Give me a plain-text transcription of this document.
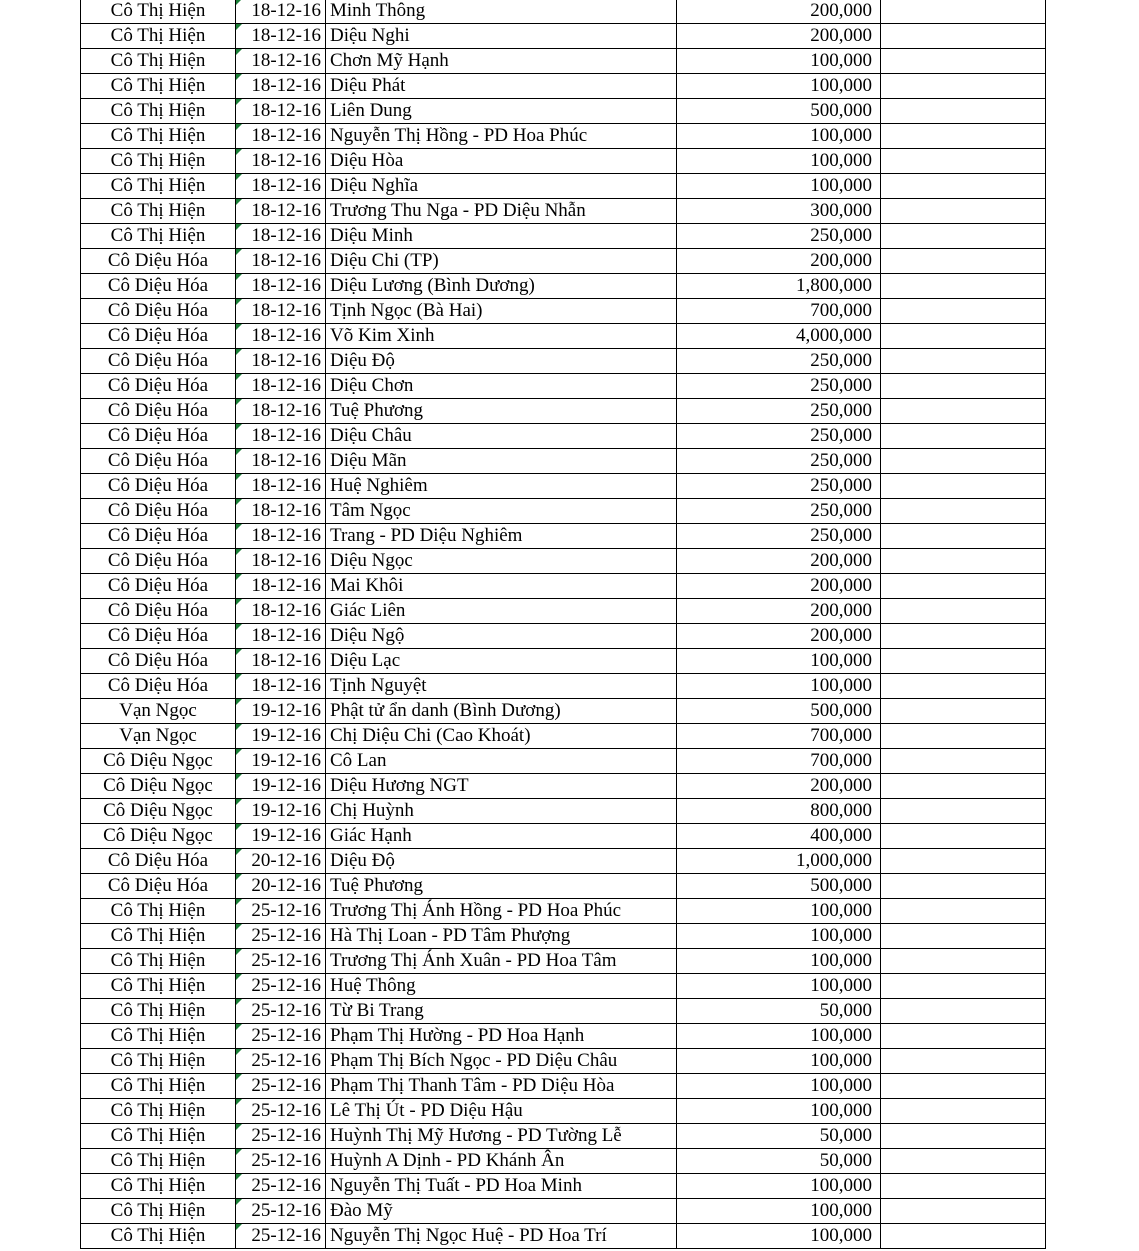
Cô Thị Hiện	18-12-16	Minh Thông	200,000	
Cô Thị Hiện	18-12-16	Diệu Nghi	200,000	
Cô Thị Hiện	18-12-16	Chơn Mỹ Hạnh	100,000	
Cô Thị Hiện	18-12-16	Diệu Phát	100,000	
Cô Thị Hiện	18-12-16	Liên Dung	500,000	
Cô Thị Hiện	18-12-16	Nguyễn Thị Hồng - PD Hoa Phúc	100,000	
Cô Thị Hiện	18-12-16	Diệu Hòa	100,000	
Cô Thị Hiện	18-12-16	Diệu Nghĩa	100,000	
Cô Thị Hiện	18-12-16	Trương Thu Nga - PD Diệu Nhẫn	300,000	
Cô Thị Hiện	18-12-16	Diệu Minh	250,000	
Cô Diệu Hóa	18-12-16	Diệu Chi (TP)	200,000	
Cô Diệu Hóa	18-12-16	Diệu Lương (Bình Dương)	1,800,000	
Cô Diệu Hóa	18-12-16	Tịnh Ngọc (Bà Hai)	700,000	
Cô Diệu Hóa	18-12-16	Võ Kim Xinh	4,000,000	
Cô Diệu Hóa	18-12-16	Diệu Độ	250,000	
Cô Diệu Hóa	18-12-16	Diệu Chơn	250,000	
Cô Diệu Hóa	18-12-16	Tuệ Phương	250,000	
Cô Diệu Hóa	18-12-16	Diệu Châu	250,000	
Cô Diệu Hóa	18-12-16	Diệu Mãn	250,000	
Cô Diệu Hóa	18-12-16	Huệ Nghiêm	250,000	
Cô Diệu Hóa	18-12-16	Tâm Ngọc	250,000	
Cô Diệu Hóa	18-12-16	Trang - PD Diệu Nghiêm	250,000	
Cô Diệu Hóa	18-12-16	Diệu Ngọc	200,000	
Cô Diệu Hóa	18-12-16	Mai Khôi	200,000	
Cô Diệu Hóa	18-12-16	Giác Liên	200,000	
Cô Diệu Hóa	18-12-16	Diệu Ngộ	200,000	
Cô Diệu Hóa	18-12-16	Diệu Lạc	100,000	
Cô Diệu Hóa	18-12-16	Tịnh Nguyệt	100,000	
Vạn Ngọc	19-12-16	Phật tử ẩn danh (Bình Dương)	500,000	
Vạn Ngọc	19-12-16	Chị Diệu Chi (Cao Khoát)	700,000	
Cô Diệu Ngọc	19-12-16	Cô Lan	700,000	
Cô Diệu Ngọc	19-12-16	Diệu Hương NGT	200,000	
Cô Diệu Ngọc	19-12-16	Chị Huỳnh	800,000	
Cô Diệu Ngọc	19-12-16	Giác Hạnh	400,000	
Cô Diệu Hóa	20-12-16	Diệu Độ	1,000,000	
Cô Diệu Hóa	20-12-16	Tuệ Phương	500,000	
Cô Thị Hiện	25-12-16	Trương Thị Ánh Hồng - PD Hoa Phúc	100,000	
Cô Thị Hiện	25-12-16	Hà Thị Loan - PD Tâm Phượng	100,000	
Cô Thị Hiện	25-12-16	Trương Thị Ánh Xuân - PD Hoa Tâm	100,000	
Cô Thị Hiện	25-12-16	Huệ Thông	100,000	
Cô Thị Hiện	25-12-16	Từ Bi Trang	50,000	
Cô Thị Hiện	25-12-16	Phạm Thị Hường - PD Hoa Hạnh	100,000	
Cô Thị Hiện	25-12-16	Phạm Thị Bích Ngọc - PD Diệu Châu	100,000	
Cô Thị Hiện	25-12-16	Phạm Thị Thanh Tâm - PD Diệu Hòa	100,000	
Cô Thị Hiện	25-12-16	Lê Thị Út - PD Diệu Hậu	100,000	
Cô Thị Hiện	25-12-16	Huỳnh Thị Mỹ Hương - PD Tường Lễ	50,000	
Cô Thị Hiện	25-12-16	Huỳnh A Dịnh - PD Khánh Ân	50,000	
Cô Thị Hiện	25-12-16	Nguyễn Thị Tuất - PD Hoa Minh	100,000	
Cô Thị Hiện	25-12-16	Đào Mỹ	100,000	
Cô Thị Hiện	25-12-16	Nguyễn Thị Ngọc Huệ - PD Hoa Trí	100,000	
